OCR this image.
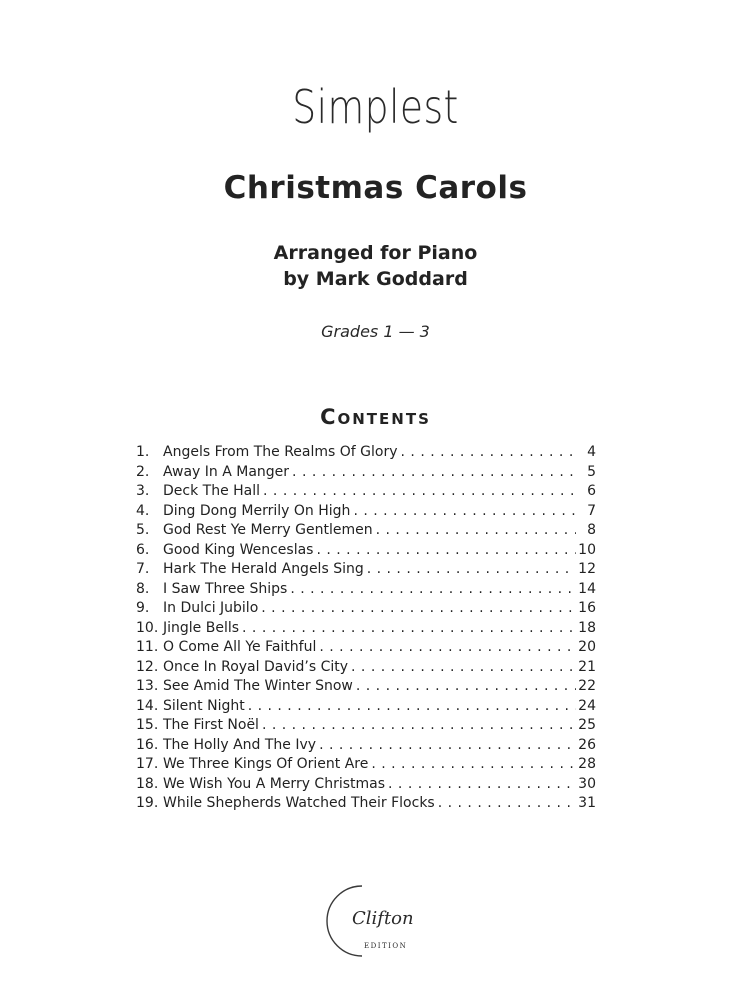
Simplest
Christmas Carols
Arranged for Piano
by Mark Goddard
Grades 1 — 3
Contents
1. Angels From The Realms Of Glory . . .	4
2. Away In A Manger . . .	5
3. Deck The Hall . . .	6
4. Ding Dong Merrily On High . . .	7
5. God Rest Ye Merry Gentlemen . . .	8
6. Good King Wenceslas . . .	10
7. Hark The Herald Angels Sing . . .	12
8. I Saw Three Ships . . .	14
9. In Dulci Jubilo . . .	16
10. Jingle Bells . . .	18
11. O Come All Ye Faithful . . .	20
12. Once In Royal David’s City . . .	21
13. See Amid The Winter Snow . . .	22
14. Silent Night . . .	24
15. The First Noël . . .	25
16. The Holly And The Ivy . . .	26
17. We Three Kings Of Orient Are . . .	28
18. We Wish You A Merry Christmas . . .	30
19. While Shepherds Watched Their Flocks . . .	31
Clifton
EDITION
